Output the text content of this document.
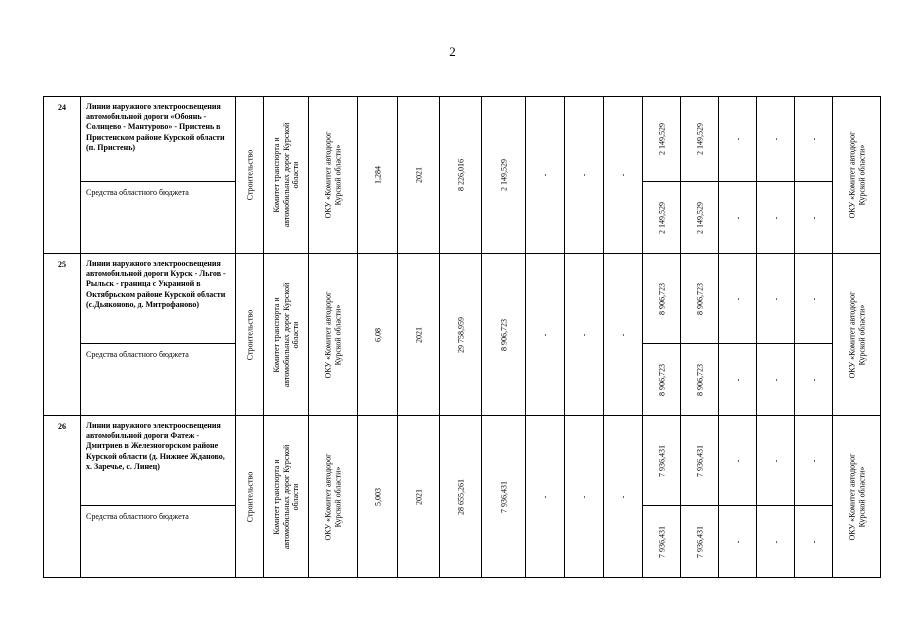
2
24	Линии наружного электроосвещения автомобильной дороги «Обоянь - Солнцево - Мантурово» - Пристень в Пристенском районе Курской области (п. Пристень)	Строительство	Комитет транспорта и
автомобильных дорог Курской
области	ОКУ «Комитет автодорог
Курской области»	1,284	2021	8 226,016	2 149,529	-	-	-	2 149,529	2 149,529	-	-	-	ОКУ «Комитет автодорог
Курской области»

	Средства областного бюджета											2 149,529	2 149,529	-	-	-	

25	Линии наружного электроосвещения автомобильной дороги Курск - Льгов - Рыльск - граница с Украиной в Октябрьском районе Курской области (с.Дьяконово, д. Митрофаново)	Строительство	Комитет транспорта и
автомобильных дорог Курской
области	ОКУ «Комитет автодорог
Курской области»	6,08	2021	29 758,959	8 906,723	-	-	-	8 906,723	8 906,723	-	-	-	ОКУ «Комитет автодорог
Курской области»

	Средства областного бюджета											8 906,723	8 906,723	-	-	-	

26	Линии наружного электроосвещения автомобильной дороги Фатеж - Дмитриев в Железногорском районе Курской области (д. Нижнее Жданово, х. Заречье, с. Линец)	Строительство	Комитет транспорта и
автомобильных дорог Курской
области	ОКУ «Комитет автодорог
Курской области»	5,003	2021	28 655,261	7 936,431	-	-	-	7 936,431	7 936,431	-	-	-	ОКУ «Комитет автодорог
Курской области»

	Средства областного бюджета											7 936,431	7 936,431	-	-	-	
